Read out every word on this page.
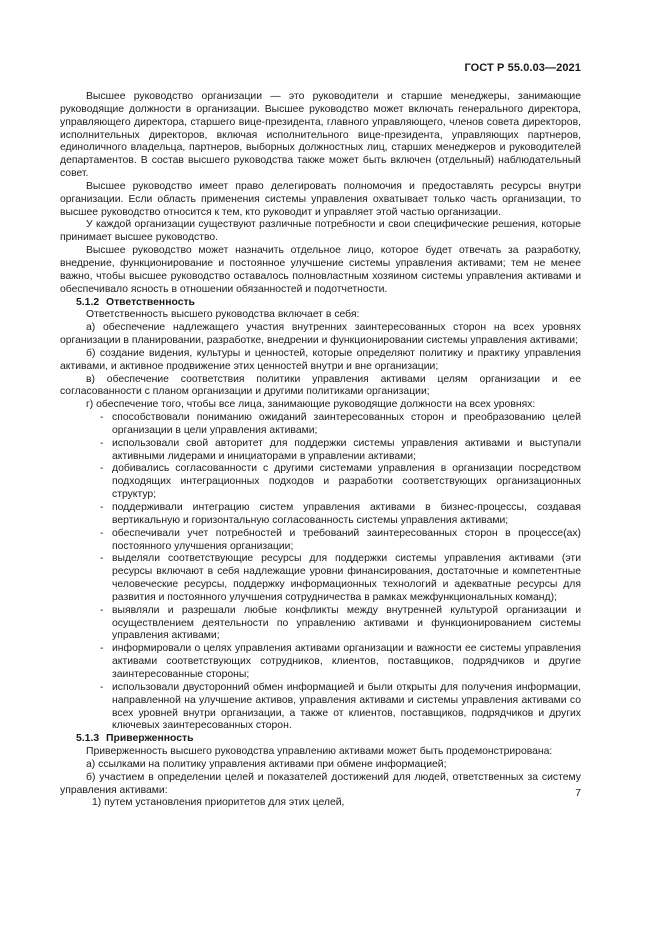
ГОСТ Р 55.0.03—2021

Высшее руководство организации — это руководители и старшие менеджеры, занимающие руководящие должности в организации. Высшее руководство может включать генерального директора, управляющего директора, старшего вице-президента, главного управляющего, членов совета директоров, исполнительных директоров, включая исполнительного вице-президента, управляющих партнеров, единоличного владельца, партнеров, выборных должностных лиц, старших менеджеров и руководителей департаментов. В состав высшего руководства также может быть включен (отдельный) наблюдательный совет.

Высшее руководство имеет право делегировать полномочия и предоставлять ресурсы внутри организации. Если область применения системы управления охватывает только часть организации, то высшее руководство относится к тем, кто руководит и управляет этой частью организации.

У каждой организации существуют различные потребности и свои специфические решения, которые принимает высшее руководство.

Высшее руководство может назначить отдельное лицо, которое будет отвечать за разработку, внедрение, функционирование и постоянное улучшение системы управления активами; тем не менее важно, чтобы высшее руководство оставалось полновластным хозяином системы управления активами и обеспечивало ясность в отношении обязанностей и подотчетности.

5.1.2 Ответственность

Ответственность высшего руководства включает в себя:

а) обеспечение надлежащего участия внутренних заинтересованных сторон на всех уровнях организации в планировании, разработке, внедрении и функционировании системы управления активами;

б) создание видения, культуры и ценностей, которые определяют политику и практику управления активами, и активное продвижение этих ценностей внутри и вне организации;

в) обеспечение соответствия политики управления активами целям организации и ее согласованности с планом организации и другими политиками организации;

г) обеспечение того, чтобы все лица, занимающие руководящие должности на всех уровнях:

- способствовали пониманию ожиданий заинтересованных сторон и преобразованию целей организации в цели управления активами;
- использовали свой авторитет для поддержки системы управления активами и выступали активными лидерами и инициаторами в управлении активами;
- добивались согласованности с другими системами управления в организации посредством подходящих интеграционных подходов и разработки соответствующих организационных структур;
- поддерживали интеграцию систем управления активами в бизнес-процессы, создавая вертикальную и горизонтальную согласованность системы управления активами;
- обеспечивали учет потребностей и требований заинтересованных сторон в процессе(ах) постоянного улучшения организации;
- выделяли соответствующие ресурсы для поддержки системы управления активами (эти ресурсы включают в себя надлежащие уровни финансирования, достаточные и компетентные человеческие ресурсы, поддержку информационных технологий и адекватные ресурсы для развития и постоянного улучшения сотрудничества в рамках межфункциональных команд);
- выявляли и разрешали любые конфликты между внутренней культурой организации и осуществлением деятельности по управлению активами и функционированием системы управления активами;
- информировали о целях управления активами организации и важности ее системы управления активами соответствующих сотрудников, клиентов, поставщиков, подрядчиков и другие заинтересованные стороны;
- использовали двусторонний обмен информацией и были открыты для получения информации, направленной на улучшение активов, управления активами и системы управления активами со всех уровней внутри организации, а также от клиентов, поставщиков, подрядчиков и других ключевых заинтересованных сторон.
5.1.3 Приверженность

Приверженность высшего руководства управлению активами может быть продемонстрирована:

а) ссылками на политику управления активами при обмене информацией;

б) участием в определении целей и показателей достижений для людей, ответственных за систему управления активами:

1) путем установления приоритетов для этих целей,

7
